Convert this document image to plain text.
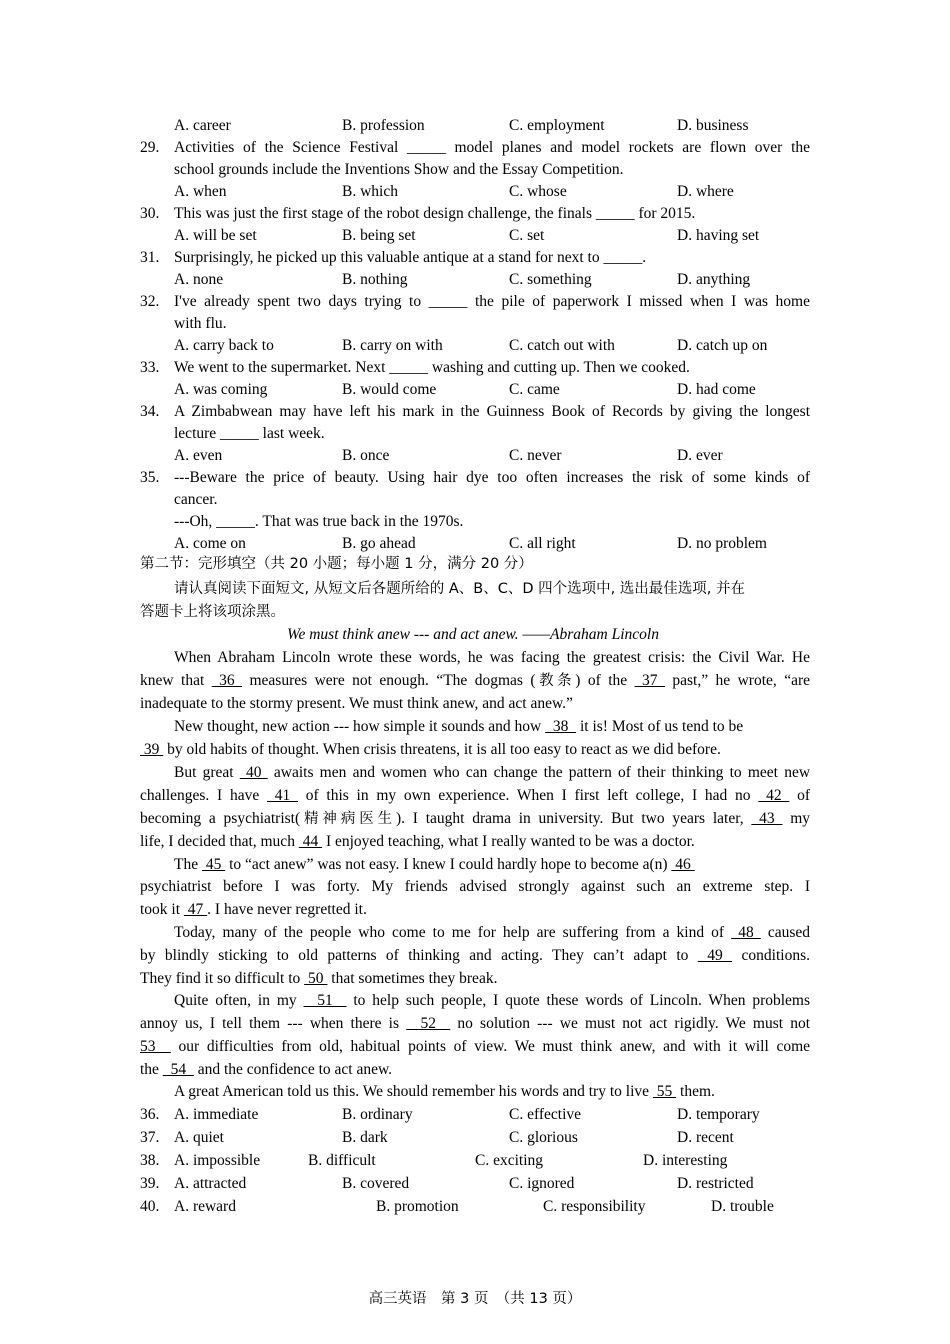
A. career	B. profession	C. employment	D. business
29. Activities of the Science Festival _____ model planes and model rockets are flown over the
school grounds include the Inventions Show and the Essay Competition.
A. when	B. which	C. whose	D. where
30. This was just the first stage of the robot design challenge, the finals _____ for 2015.
A. will be set	B. being set	C. set	D. having set
31. Surprisingly, he picked up this valuable antique at a stand for next to _____.
A. none	B. nothing	C. something	D. anything
32. I've already spent two days trying to _____ the pile of paperwork I missed when I was home
with flu.
A. carry back to	B. carry on with	C. catch out with	D. catch up on
33. We went to the supermarket. Next _____ washing and cutting up. Then we cooked.
A. was coming	B. would come	C. came	D. had come
34. A Zimbabwean may have left his mark in the Guinness Book of Records by giving the longest
lecture _____ last week.
A. even	B. once	C. never	D. ever
35. ---Beware the price of beauty. Using hair dye too often increases the risk of some kinds of
cancer.
---Oh, _____. That was true back in the 1970s.
A. come on	B. go ahead	C. all right	D. no problem
第二节：完形填空（共 20 小题；每小题 1 分，满分 20 分）
请认真阅读下面短文, 从短文后各题所给的 A、B、C、D 四个选项中, 选出最佳选项, 并在
答题卡上将该项涂黑。
We must think anew --- and act anew. ——Abraham Lincoln
When Abraham Lincoln wrote these words, he was facing the greatest crisis: the Civil War. He
knew that  36  measures were not enough. “The dogmas (教条) of the  37  past,” he wrote, “are
inadequate to the stormy present. We must think anew, and act anew.”
New thought, new action --- how simple it sounds and how   38   it is! Most of us tend to be
39  by old habits of thought. When crisis threatens, it is all too easy to react as we did before.
But great  40  awaits men and women who can change the pattern of their thinking to meet new
challenges. I have  41  of this in my own experience. When I first left college, I had no  42  of
becoming a psychiatrist(精神病医生). I taught drama in university. But two years later,  43  my
life, I decided that, much  44  I enjoyed teaching, what I really wanted to be was a doctor.
The  45  to “act anew” was not easy. I knew I could hardly hope to become a(n)  46
psychiatrist before I was forty. My friends advised strongly against such an extreme step. I
took it  47 . I have never regretted it.
Today, many of the people who come to me for help are suffering from a kind of  48  caused
by blindly sticking to old patterns of thinking and acting. They can’t adapt to  49  conditions.
They find it so difficult to  50  that sometimes they break.
Quite often, in my   51   to help such people, I quote these words of Lincoln. When problems
annoy us, I tell them --- when there is   52   no solution --- we must not act rigidly. We must not
53   our difficulties from old, habitual points of view. We must think anew, and with it will come
the   54   and the confidence to act anew.
A great American told us this. We should remember his words and try to live  55  them.
36. A. immediate	B. ordinary	C. effective	D. temporary
37. A. quiet	B. dark	C. glorious	D. recent
38. A. impossible	B. difficult	C. exciting	D. interesting
39. A. attracted	B. covered	C. ignored	D. restricted
40. A. reward	B. promotion	C. responsibility	D. trouble
高三英语　第 3 页　（共 13 页）
